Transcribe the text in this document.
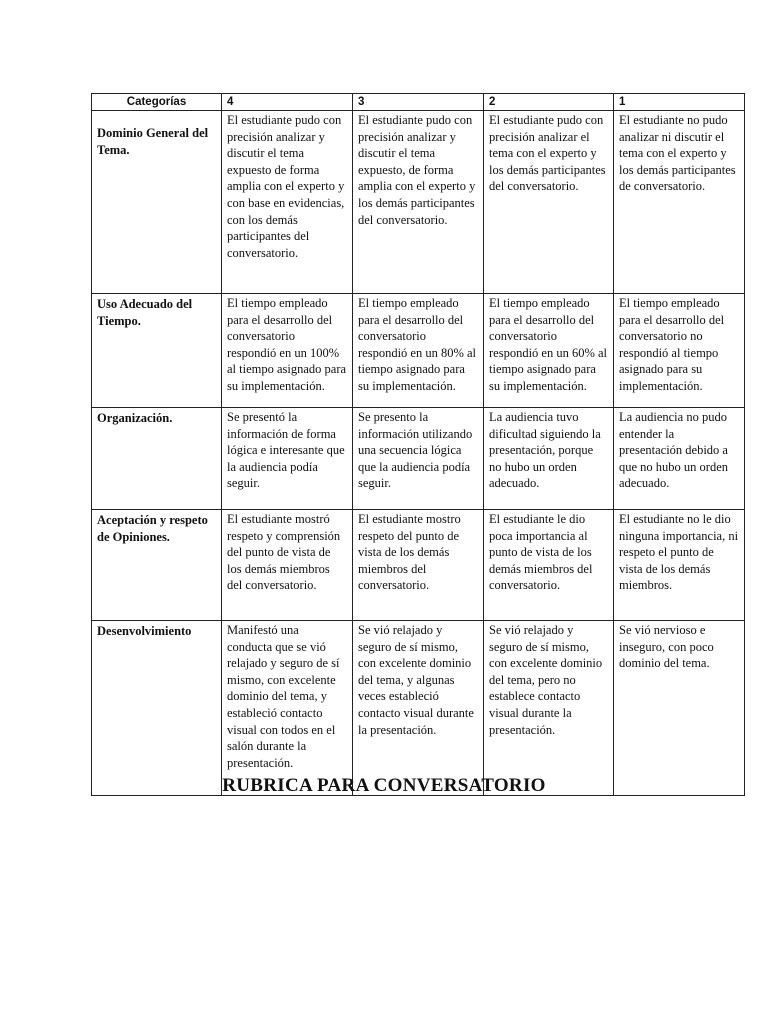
Categorías	4	3	2	1
Dominio General del Tema.	El estudiante pudo con precisión analizar y discutir el tema expuesto de forma amplia con el experto y con base en evidencias, con los demás participantes del conversatorio.	El estudiante pudo con precisión analizar y discutir el tema expuesto, de forma amplia con el experto y los demás participantes del conversatorio.	El estudiante pudo con precisión analizar el tema con el experto y los demás participantes del conversatorio.	El estudiante no pudo analizar ni discutir el tema con el experto y los demás participantes de conversatorio.
Uso Adecuado del Tiempo.	El tiempo empleado para el desarrollo del conversatorio respondió en un 100% al tiempo asignado para su implementación.	El tiempo empleado para el desarrollo del conversatorio respondió en un 80% al tiempo asignado para su implementación.	El tiempo empleado para el desarrollo del conversatorio respondió en un 60% al tiempo asignado para su implementación.	El tiempo empleado para el desarrollo del conversatorio no respondió al tiempo asignado para su implementación.
Organización.	Se presentó la información de forma lógica e interesante que la audiencia podía seguir.	Se presento la información utilizando una secuencia lógica que la audiencia podía seguir.	La audiencia tuvo dificultad siguiendo la presentación, porque no hubo un orden adecuado.	La audiencia no pudo entender la presentación debido a que no hubo un orden adecuado.
Aceptación y respeto de Opiniones.	El estudiante mostró respeto y comprensión del punto de vista de los demás miembros del conversatorio.	El estudiante mostro respeto del punto de vista de los demás miembros del conversatorio.	El estudiante le dio poca importancia al punto de vista de los demás miembros del conversatorio.	El estudiante no le dio ninguna importancia, ni respeto el punto de vista de los demás miembros.
Desenvolvimiento	Manifestó una conducta que se vió relajado y seguro de sí mismo, con excelente dominio del tema, y estableció contacto visual con todos en el salón durante la presentación.	Se vió relajado y seguro de sí mismo, con excelente dominio del tema, y algunas veces estableció contacto visual durante la presentación.	Se vió relajado y seguro de sí mismo, con excelente dominio del tema, pero no establece contacto visual durante la presentación.	Se vió nervioso e inseguro, con poco dominio del tema.
RUBRICA PARA CONVERSATORIO
